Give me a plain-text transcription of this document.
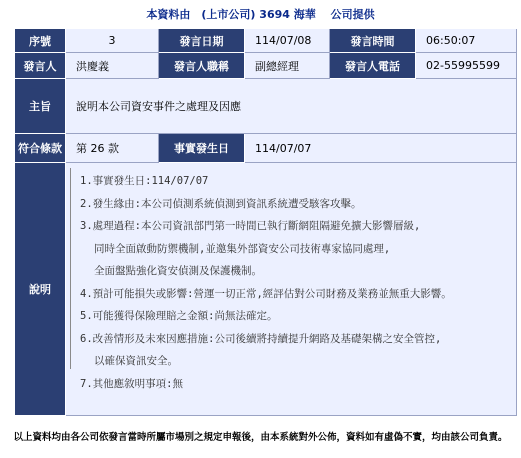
本資料由　(上市公司) 3694 海華　 公司提供
序號	3	發言日期	114/07/08	發言時間	06:50:07
發言人	洪慶義	發言人職稱	副總經理	發言人電話	02-55995599
主旨	說明本公司資安事件之處理及因應
符合條款	第 26 款	事實發生日	114/07/07
說明
1.事實發生日:114/07/07
2.發生緣由:本公司偵測系統偵測到資訊系統遭受駭客攻擊。
3.處理過程:本公司資訊部門第一時間已執行斷網阻隔避免擴大影響層級,
同時全面啟動防禦機制,並邀集外部資安公司技術專家協同處理,
全面盤點強化資安偵測及保護機制。
4.預計可能損失或影響:營運一切正常,經評估對公司財務及業務並無重大影響。
5.可能獲得保險理賠之金額:尚無法確定。
6.改善情形及未來因應措施:公司後續將持續提升網路及基礎架構之安全管控,
以確保資訊安全。
7.其他應敘明事項:無
以上資料均由各公司依發言當時所屬市場別之規定申報後，由本系統對外公佈，資料如有虛偽不實，均由該公司負責。
